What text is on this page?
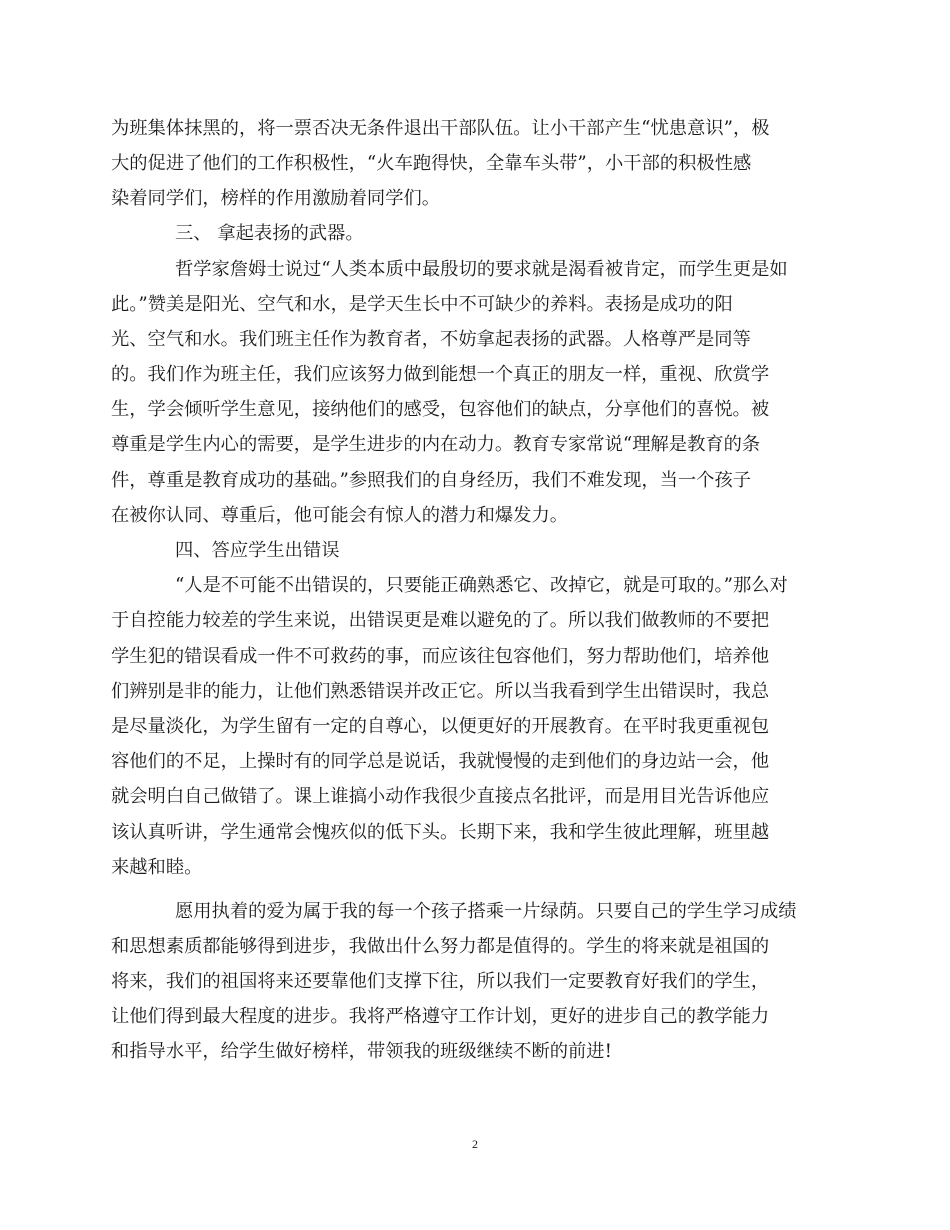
为班集体抹黑的，将一票否决无条件退出干部队伍。让小干部产生“忧患意识”，极
大的促进了他们的工作积极性，“火车跑得快，全靠车头带”，小干部的积极性感
染着同学们，榜样的作用激励着同学们。
三、 拿起表扬的武器。
哲学家詹姆士说过“人类本质中最殷切的要求就是渴看被肯定，而学生更是如
此。”赞美是阳光、空气和水，是学天生长中不可缺少的养料。表扬是成功的阳
光、空气和水。我们班主任作为教育者，不妨拿起表扬的武器。人格尊严是同等
的。我们作为班主任，我们应该努力做到能想一个真正的朋友一样，重视、欣赏学
生，学会倾听学生意见，接纳他们的感受，包容他们的缺点，分享他们的喜悦。被
尊重是学生内心的需要，是学生进步的内在动力。教育专家常说“理解是教育的条
件，尊重是教育成功的基础。”参照我们的自身经历，我们不难发现，当一个孩子
在被你认同、尊重后，他可能会有惊人的潜力和爆发力。
四、答应学生出错误
“人是不可能不出错误的，只要能正确熟悉它、改掉它，就是可取的。”那么对
于自控能力较差的学生来说，出错误更是难以避免的了。所以我们做教师的不要把
学生犯的错误看成一件不可救药的事，而应该往包容他们，努力帮助他们，培养他
们辨别是非的能力，让他们熟悉错误并改正它。所以当我看到学生出错误时，我总
是尽量淡化，为学生留有一定的自尊心，以便更好的开展教育。在平时我更重视包
容他们的不足，上操时有的同学总是说话，我就慢慢的走到他们的身边站一会，他
就会明白自己做错了。课上谁搞小动作我很少直接点名批评，而是用目光告诉他应
该认真听讲，学生通常会愧疚似的低下头。长期下来，我和学生彼此理解，班里越
来越和睦。
愿用执着的爱为属于我的每一个孩子搭乘一片绿荫。只要自己的学生学习成绩
和思想素质都能够得到进步，我做出什么努力都是值得的。学生的将来就是祖国的
将来，我们的祖国将来还要靠他们支撑下往，所以我们一定要教育好我们的学生，
让他们得到最大程度的进步。我将严格遵守工作计划，更好的进步自己的教学能力
和指导水平，给学生做好榜样，带领我的班级继续不断的前进!
2
